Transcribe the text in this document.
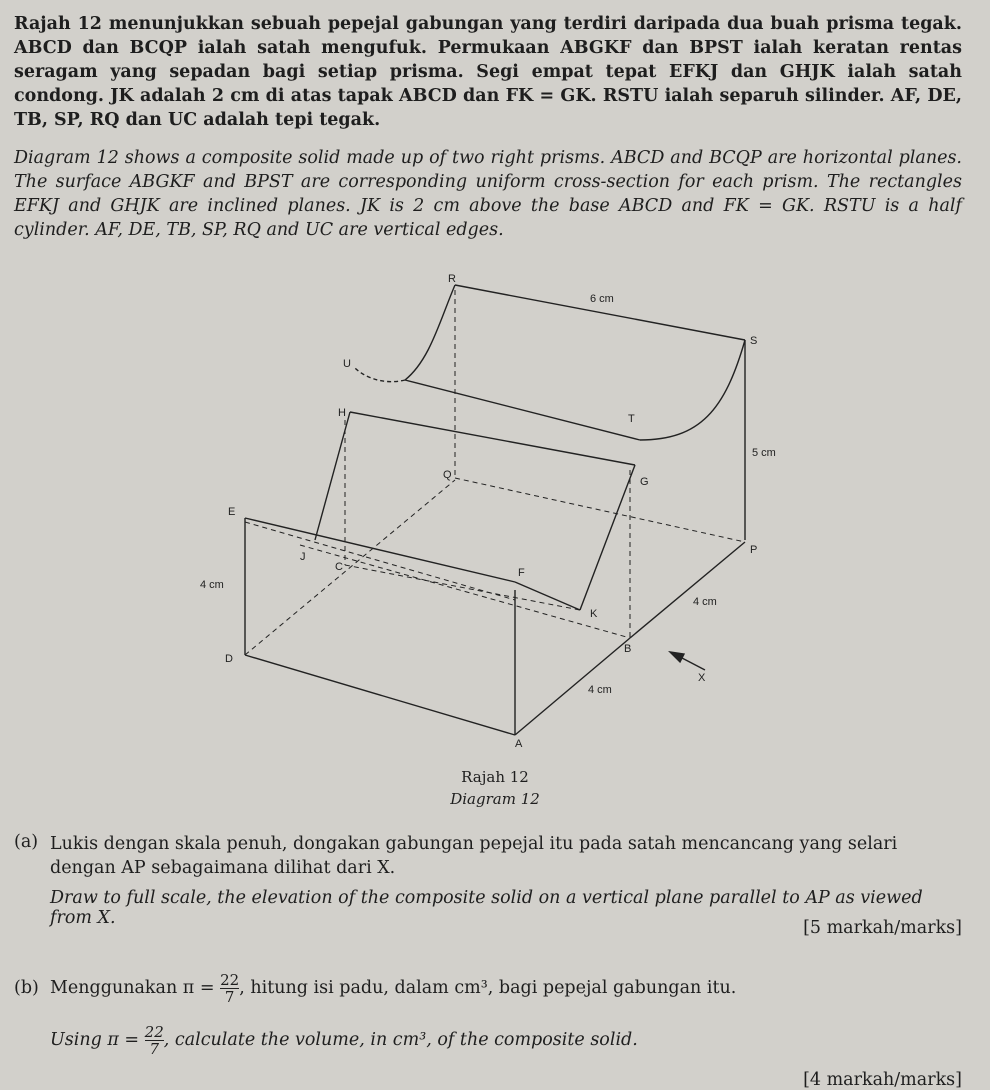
Rajah 12 menunjukkan sebuah pepejal gabungan yang terdiri daripada dua buah prisma tegak. ABCD dan BCQP ialah satah mengufuk. Permukaan ABGKF dan BPST ialah keratan rentas seragam yang sepadan bagi setiap prisma. Segi empat tepat EFKJ dan GHJK ialah satah condong. JK adalah 2 cm di atas tapak ABCD dan FK = GK. RSTU ialah separuh silinder. AF, DE, TB, SP, RQ dan UC adalah tepi tegak.
Diagram 12 shows a composite solid made up of two right prisms. ABCD and BCQP are horizontal planes. The surface ABGKF and BPST are corresponding uniform cross-section for each prism. The rectangles EFKJ and GHJK are inclined planes. JK is 2 cm above the base ABCD and FK = GK. RSTU is a half cylinder. AF, DE, TB, SP, RQ and UC are vertical edges.
R
S
U
H	T
Q
G
E
J
C	F
P
K
D
B
A
X
6 cm
5 cm
4 cm
4 cm
4 cm
Rajah 12
Diagram 12
(a) Lukis dengan skala penuh, dongakan gabungan pepejal itu pada satah mencancang yang selari dengan AP sebagaimana dilihat dari X.
Draw to full scale, the elevation of the composite solid on a vertical plane parallel to AP as viewed from X.	[5 markah/marks]
(b) Menggunakan $\pi = \frac{22}{7}$ , hitung isi padu, dalam cm³, bagi pepejal gabungan itu.
Using $\pi = \frac{22}{7}$ , calculate the volume, in cm³, of the composite solid.
[4 markah/marks]
